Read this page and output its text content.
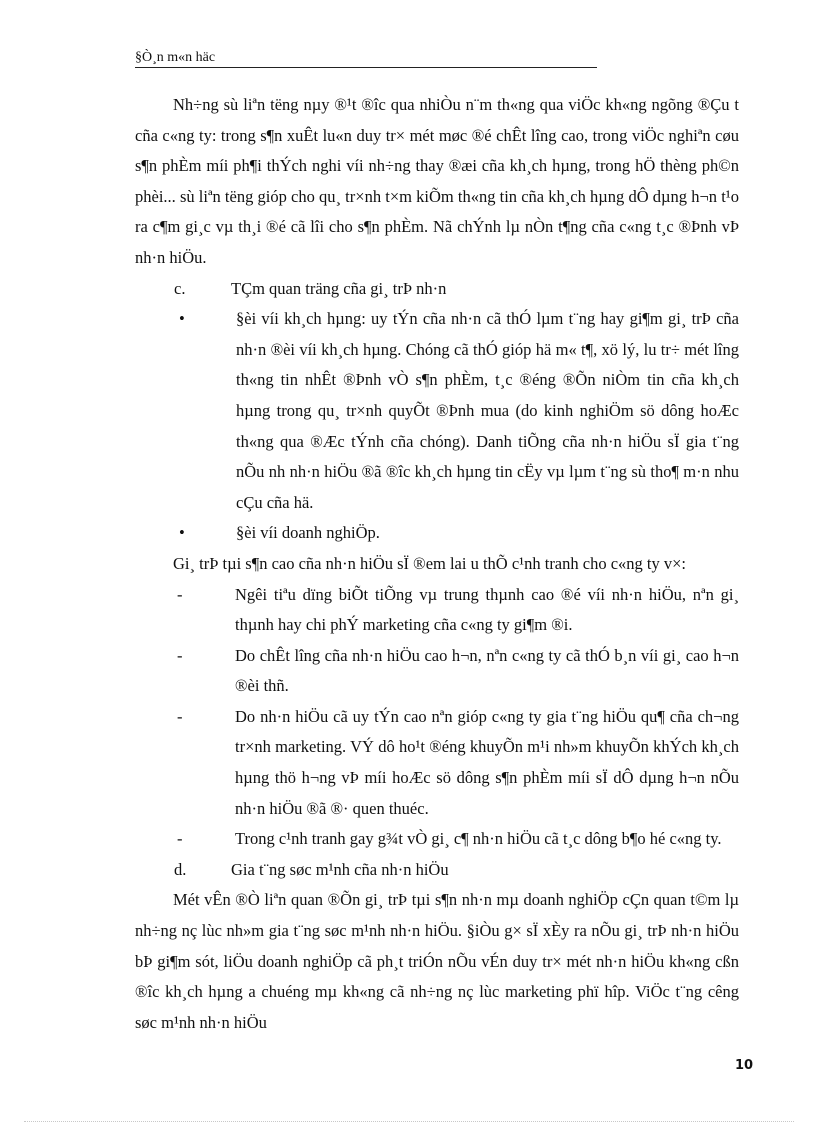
§Ò¸n m«n häc

Nh÷ng sù liªn tëng nµy ®¹t ®îc qua nhiÒu n¨m th«ng qua viÖc kh«ng ngõng ®Çu t cña c«ng ty: trong s¶n xuÊt lu«n duy tr× mét møc ®é chÊt lîng cao, trong viÖc nghiªn cøu s¶n phÈm míi ph¶i thÝch nghi víi nh÷ng thay ®æi cña kh¸ch hµng, trong hÖ thèng ph©n phèi... sù liªn tëng gióp cho qu¸ tr×nh t×m kiÕm th«ng tin cña kh¸ch hµng dÔ dµng h¬n t¹o ra c¶m gi¸c vµ th¸i ®é cã lîi cho s¶n phÈm. Nã chÝnh lµ nÒn t¶ng cña c«ng t¸c ®Þnh vÞ nh·n hiÖu.

c.	TÇm quan träng cña gi¸ trÞ nh·n
•	§èi víi kh¸ch hµng: uy tÝn cña nh·n cã thÓ lµm t¨ng hay gi¶m gi¸ trÞ cña nh·n ®èi víi kh¸ch hµng. Chóng cã thÓ gióp hä m« t¶, xö lý, lu tr÷ mét lîng th«ng tin nhÊt ®Þnh vÒ s¶n phÈm, t¸c ®éng ®Õn niÒm tin cña kh¸ch hµng trong qu¸ tr×nh quyÕt ®Þnh mua (do kinh nghiÖm sö dông hoÆc th«ng qua ®Æc tÝnh cña chóng). Danh tiÕng cña nh·n hiÖu sÏ gia t¨ng nÕu nh nh·n hiÖu ®ã ®îc kh¸ch hµng tin cËy vµ lµm t¨ng sù tho¶ m·n nhu cÇu cña hä.
•	§èi víi doanh nghiÖp.

Gi¸ trÞ tµi s¶n cao cña nh·n hiÖu sÏ ®em lai u thÕ c¹nh tranh cho c«ng ty v×:

-	Ngêi tiªu dïng biÕt tiÕng vµ trung thµnh cao ®é víi nh·n hiÖu, nªn gi¸ thµnh hay chi phÝ marketing cña c«ng ty gi¶m ®i.
-	Do chÊt lîng cña nh·n hiÖu cao h¬n, nªn c«ng ty cã thÓ b¸n víi gi¸ cao h¬n ®èi thñ.
-	Do nh·n hiÖu cã uy tÝn cao nªn gióp c«ng ty gia t¨ng hiÖu qu¶ cña ch¬ng tr×nh marketing. VÝ dô ho¹t ®éng khuyÕn m¹i nh»m khuyÕn khÝch kh¸ch hµng thö h¬ng vÞ míi hoÆc sö dông s¶n phÈm míi sÏ dÔ dµng h¬n nÕu nh·n hiÖu ®ã ®· quen thuéc.
-	Trong c¹nh tranh gay g¾t vÒ gi¸ c¶ nh·n hiÖu cã t¸c dông b¶o hé c«ng ty.
d.	Gia t¨ng søc m¹nh cña nh·n hiÖu

Mét vÊn ®Ò liªn quan ®Õn gi¸ trÞ tµi s¶n nh·n mµ doanh nghiÖp cÇn quan t©m lµ nh÷ng nç lùc nh»m gia t¨ng søc m¹nh nh·n hiÖu. §iÒu g× sÏ xÈy ra nÕu gi¸ trÞ nh·n hiÖu bÞ gi¶m sót, liÖu doanh nghiÖp cã ph¸t triÓn nÕu vÉn duy tr× mét nh·n hiÖu kh«ng cßn ®îc kh¸ch hµng a chuéng mµ kh«ng cã nh÷ng nç lùc marketing phï hîp. ViÖc t¨ng cêng søc m¹nh nh·n hiÖu

10
